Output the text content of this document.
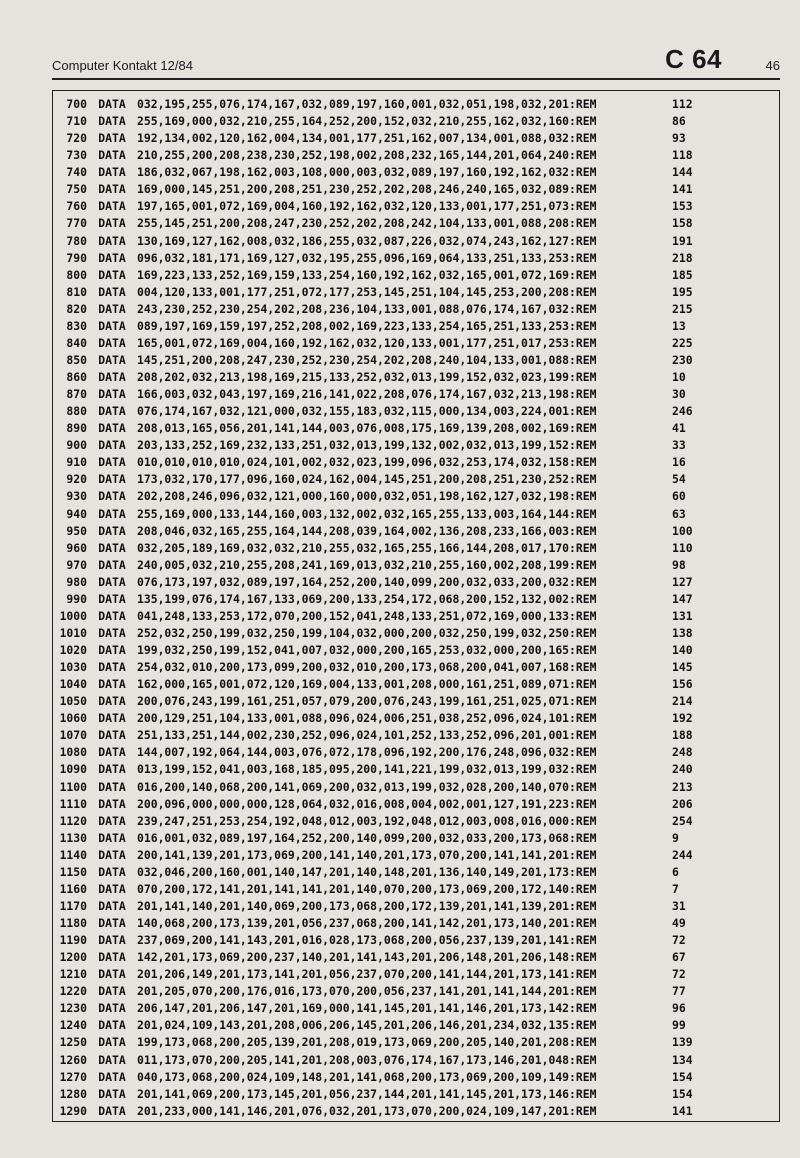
Computer Kontakt 12/84	C 64	46
700 DATA 032,195,255,076,174,167,032,089,197,160,001,032,051,198,032,201:REM	112
710 DATA 255,169,000,032,210,255,164,252,200,152,032,210,255,162,032,160:REM	86
720 DATA 192,134,002,120,162,004,134,001,177,251,162,007,134,001,088,032:REM	93
730 DATA 210,255,200,208,238,230,252,198,002,208,232,165,144,201,064,240:REM	118
740 DATA 186,032,067,198,162,003,108,000,003,032,089,197,160,192,162,032:REM	144
750 DATA 169,000,145,251,200,208,251,230,252,202,208,246,240,165,032,089:REM	141
760 DATA 197,165,001,072,169,004,160,192,162,032,120,133,001,177,251,073:REM	153
770 DATA 255,145,251,200,208,247,230,252,202,208,242,104,133,001,088,208:REM	158
780 DATA 130,169,127,162,008,032,186,255,032,087,226,032,074,243,162,127:REM	191
790 DATA 096,032,181,171,169,127,032,195,255,096,169,064,133,251,133,253:REM	218
800 DATA 169,223,133,252,169,159,133,254,160,192,162,032,165,001,072,169:REM	185
810 DATA 004,120,133,001,177,251,072,177,253,145,251,104,145,253,200,208:REM	195
820 DATA 243,230,252,230,254,202,208,236,104,133,001,088,076,174,167,032:REM	215
830 DATA 089,197,169,159,197,252,208,002,169,223,133,254,165,251,133,253:REM	13
840 DATA 165,001,072,169,004,160,192,162,032,120,133,001,177,251,017,253:REM	225
850 DATA 145,251,200,208,247,230,252,230,254,202,208,240,104,133,001,088:REM	230
860 DATA 208,202,032,213,198,169,215,133,252,032,013,199,152,032,023,199:REM	10
870 DATA 166,003,032,043,197,169,216,141,022,208,076,174,167,032,213,198:REM	30
880 DATA 076,174,167,032,121,000,032,155,183,032,115,000,134,003,224,001:REM	246
890 DATA 208,013,165,056,201,141,144,003,076,008,175,169,139,208,002,169:REM	41
900 DATA 203,133,252,169,232,133,251,032,013,199,132,002,032,013,199,152:REM	33
910 DATA 010,010,010,010,024,101,002,032,023,199,096,032,253,174,032,158:REM	16
920 DATA 173,032,170,177,096,160,024,162,004,145,251,200,208,251,230,252:REM	54
930 DATA 202,208,246,096,032,121,000,160,000,032,051,198,162,127,032,198:REM	60
940 DATA 255,169,000,133,144,160,003,132,002,032,165,255,133,003,164,144:REM	63
950 DATA 208,046,032,165,255,164,144,208,039,164,002,136,208,233,166,003:REM	100
960 DATA 032,205,189,169,032,032,210,255,032,165,255,166,144,208,017,170:REM	110
970 DATA 240,005,032,210,255,208,241,169,013,032,210,255,160,002,208,199:REM	98
980 DATA 076,173,197,032,089,197,164,252,200,140,099,200,032,033,200,032:REM	127
990 DATA 135,199,076,174,167,133,069,200,133,254,172,068,200,152,132,002:REM	147
1000 DATA 041,248,133,253,172,070,200,152,041,248,133,251,072,169,000,133:REM	131
1010 DATA 252,032,250,199,032,250,199,104,032,000,200,032,250,199,032,250:REM	138
1020 DATA 199,032,250,199,152,041,007,032,000,200,165,253,032,000,200,165:REM	140
1030 DATA 254,032,010,200,173,099,200,032,010,200,173,068,200,041,007,168:REM	145
1040 DATA 162,000,165,001,072,120,169,004,133,001,208,000,161,251,089,071:REM	156
1050 DATA 200,076,243,199,161,251,057,079,200,076,243,199,161,251,025,071:REM	214
1060 DATA 200,129,251,104,133,001,088,096,024,006,251,038,252,096,024,101:REM	192
1070 DATA 251,133,251,144,002,230,252,096,024,101,252,133,252,096,201,001:REM	188
1080 DATA 144,007,192,064,144,003,076,072,178,096,192,200,176,248,096,032:REM	248
1090 DATA 013,199,152,041,003,168,185,095,200,141,221,199,032,013,199,032:REM	240
1100 DATA 016,200,140,068,200,141,069,200,032,013,199,032,028,200,140,070:REM	213
1110 DATA 200,096,000,000,000,128,064,032,016,008,004,002,001,127,191,223:REM	206
1120 DATA 239,247,251,253,254,192,048,012,003,192,048,012,003,008,016,000:REM	254
1130 DATA 016,001,032,089,197,164,252,200,140,099,200,032,033,200,173,068:REM	9
1140 DATA 200,141,139,201,173,069,200,141,140,201,173,070,200,141,141,201:REM	244
1150 DATA 032,046,200,160,001,140,147,201,140,148,201,136,140,149,201,173:REM	6
1160 DATA 070,200,172,141,201,141,141,201,140,070,200,173,069,200,172,140:REM	7
1170 DATA 201,141,140,201,140,069,200,173,068,200,172,139,201,141,139,201:REM	31
1180 DATA 140,068,200,173,139,201,056,237,068,200,141,142,201,173,140,201:REM	49
1190 DATA 237,069,200,141,143,201,016,028,173,068,200,056,237,139,201,141:REM	72
1200 DATA 142,201,173,069,200,237,140,201,141,143,201,206,148,201,206,148:REM	67
1210 DATA 201,206,149,201,173,141,201,056,237,070,200,141,144,201,173,141:REM	72
1220 DATA 201,205,070,200,176,016,173,070,200,056,237,141,201,141,144,201:REM	77
1230 DATA 206,147,201,206,147,201,169,000,141,145,201,141,146,201,173,142:REM	96
1240 DATA 201,024,109,143,201,208,006,206,145,201,206,146,201,234,032,135:REM	99
1250 DATA 199,173,068,200,205,139,201,208,019,173,069,200,205,140,201,208:REM	139
1260 DATA 011,173,070,200,205,141,201,208,003,076,174,167,173,146,201,048:REM	134
1270 DATA 040,173,068,200,024,109,148,201,141,068,200,173,069,200,109,149:REM	154
1280 DATA 201,141,069,200,173,145,201,056,237,144,201,141,145,201,173,146:REM	154
1290 DATA 201,233,000,141,146,201,076,032,201,173,070,200,024,109,147,201:REM	141
